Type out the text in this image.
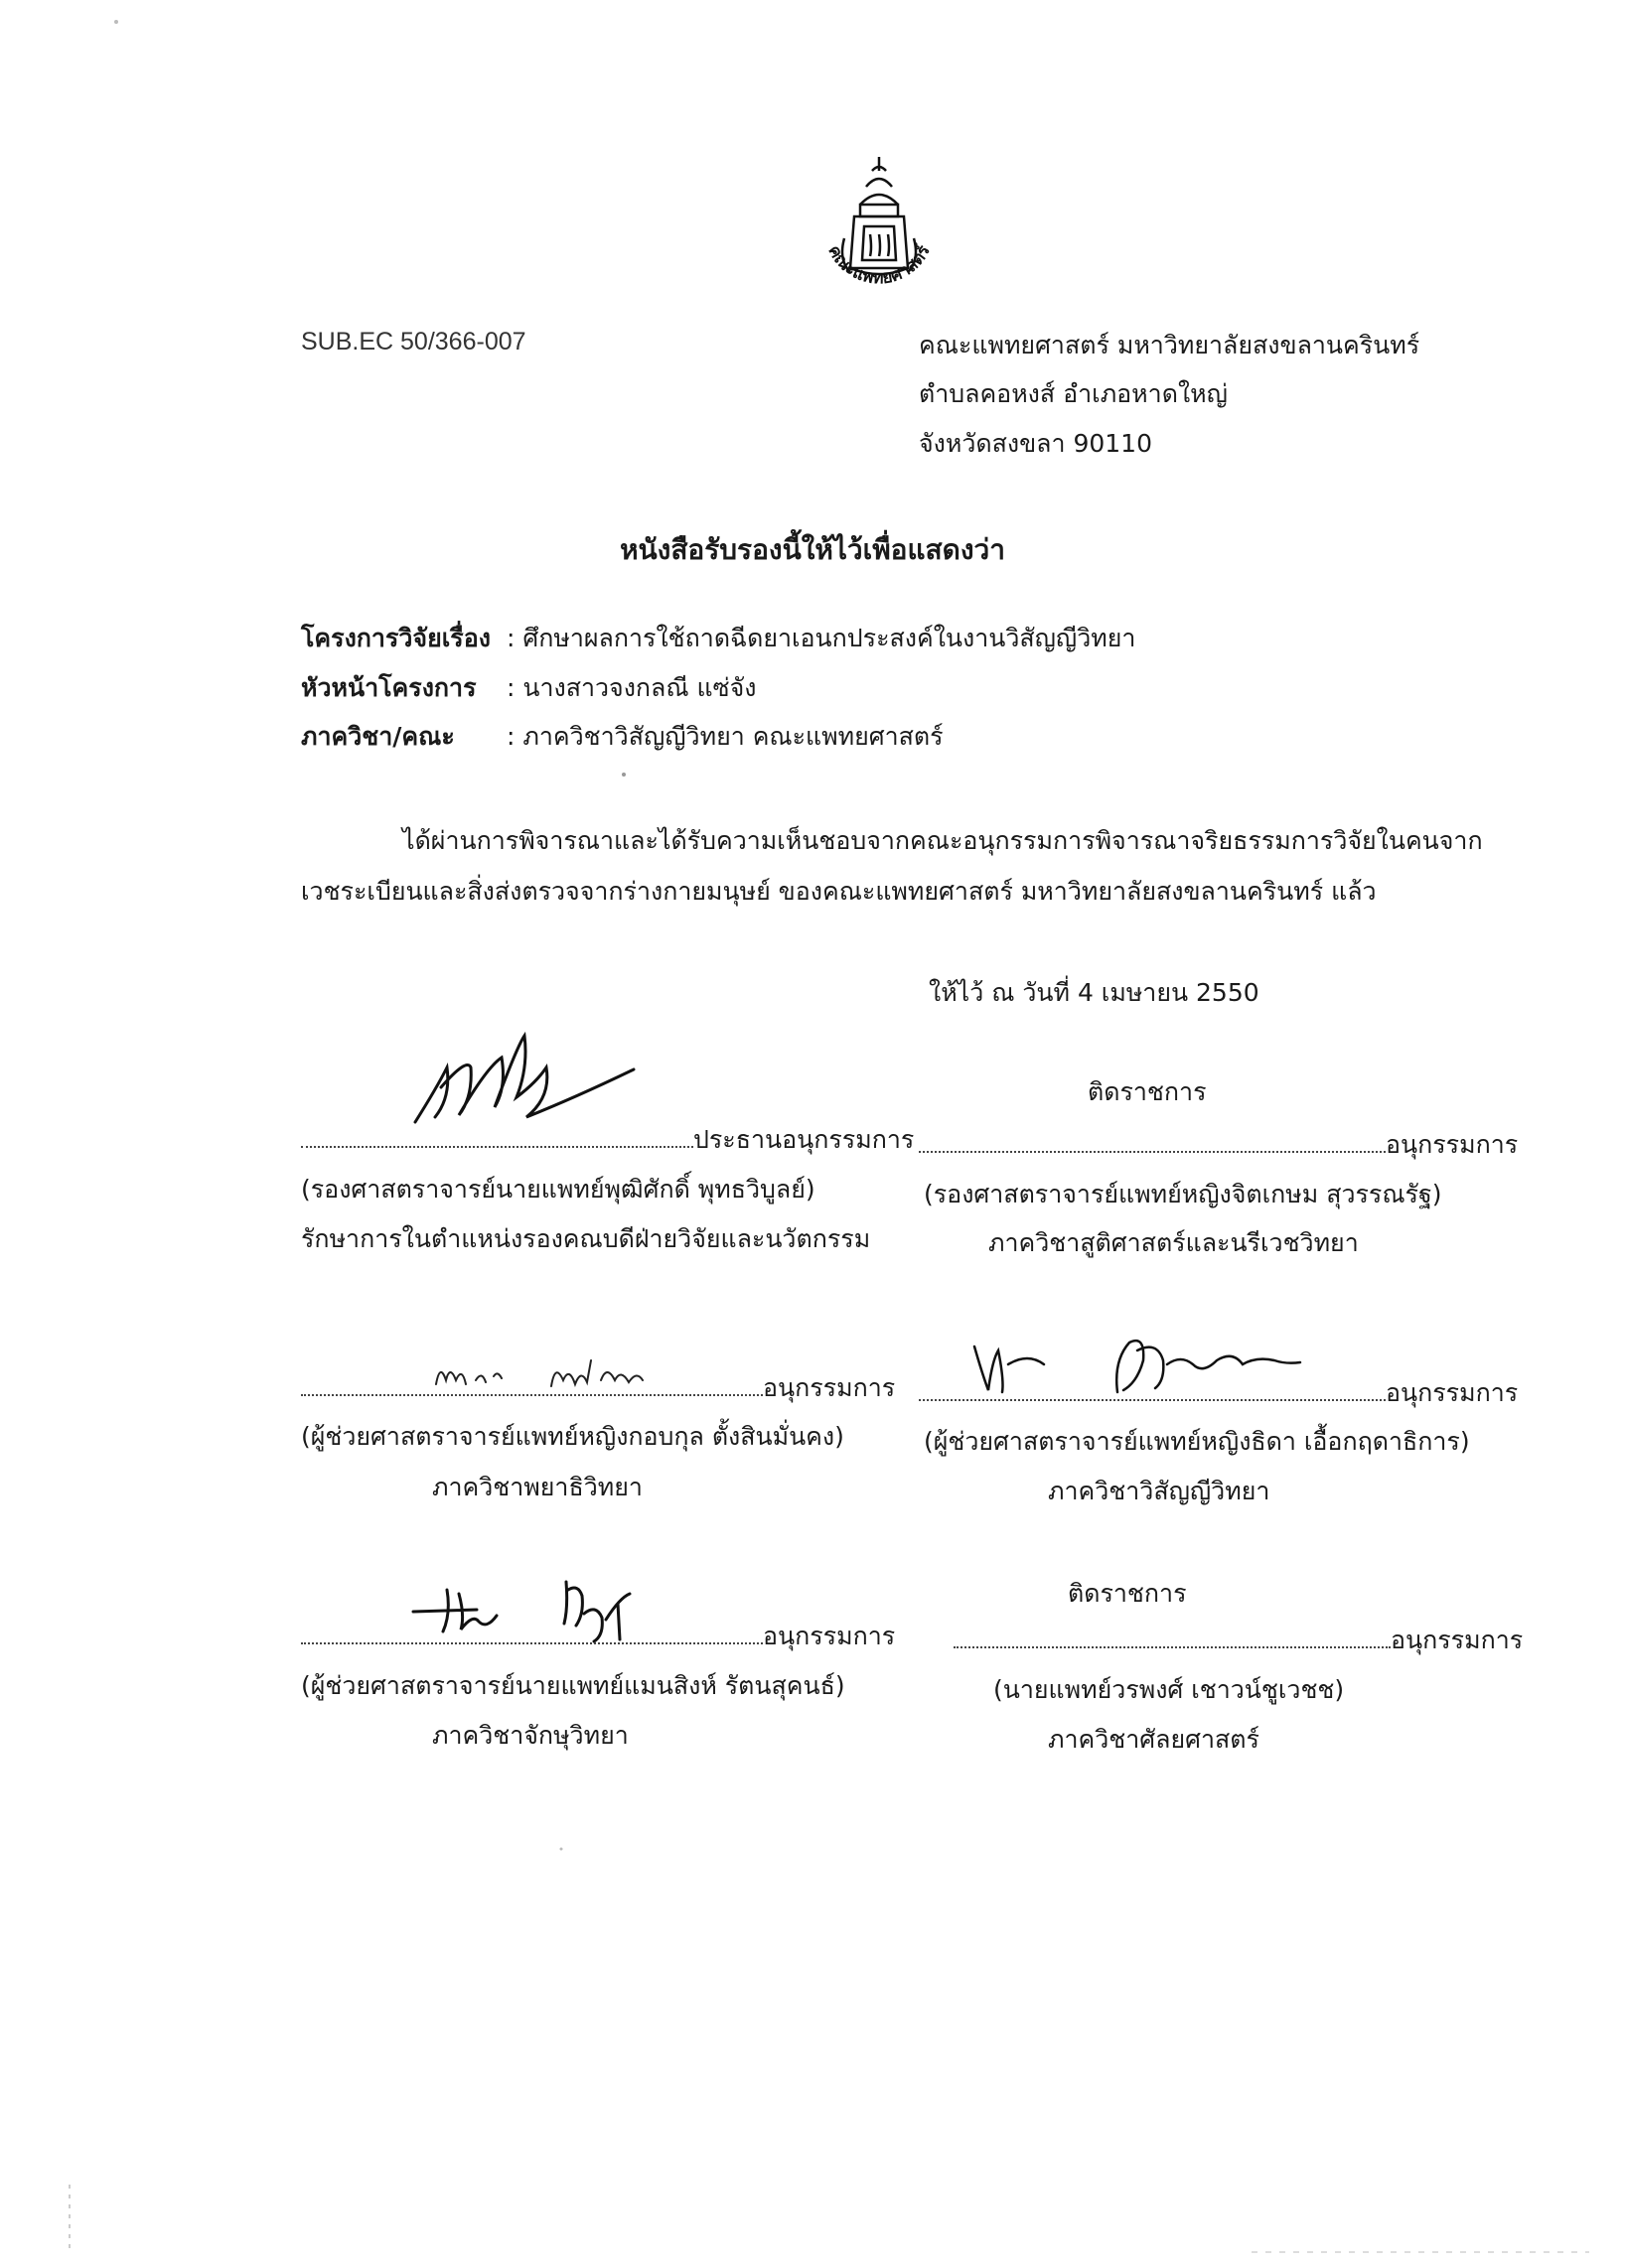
คณะแพทยศาสตร์
SUB.EC 50/366-007	คณะแพทยศาสตร์ มหาวิทยาลัยสงขลานครินทร์
ตำบลคอหงส์ อำเภอหาดใหญ่
จังหวัดสงขลา 90110
หนังสือรับรองนี้ให้ไว้เพื่อแสดงว่า
โครงการวิจัยเรื่อง : ศึกษาผลการใช้ถาดฉีดยาเอนกประสงค์ในงานวิสัญญีวิทยา
หัวหน้าโครงการ : นางสาวจงกลณี แซ่จัง
ภาควิชา/คณะ : ภาควิชาวิสัญญีวิทยา คณะแพทยศาสตร์
ได้ผ่านการพิจารณาและได้รับความเห็นชอบจากคณะอนุกรรมการพิจารณาจริยธรรมการวิจัยในคนจาก
เวชระเบียนและสิ่งส่งตรวจจากร่างกายมนุษย์ ของคณะแพทยศาสตร์ มหาวิทยาลัยสงขลานครินทร์ แล้ว
ให้ไว้ ณ วันที่ 4 เมษายน 2550
ประธานอนุกรรมการ
(รองศาสตราจารย์นายแพทย์พุฒิศักดิ์ พุทธวิบูลย์)
รักษาการในตำแหน่งรองคณบดีฝ่ายวิจัยและนวัตกรรม
ติดราชการ
อนุกรรมการ
(รองศาสตราจารย์แพทย์หญิงจิตเกษม สุวรรณรัฐ)
ภาควิชาสูติศาสตร์และนรีเวชวิทยา
อนุกรรมการ
(ผู้ช่วยศาสตราจารย์แพทย์หญิงกอบกุล ตั้งสินมั่นคง)
ภาควิชาพยาธิวิทยา
อนุกรรมการ
(ผู้ช่วยศาสตราจารย์แพทย์หญิงธิดา เอื้อกฤดาธิการ)
ภาควิชาวิสัญญีวิทยา
อนุกรรมการ
(ผู้ช่วยศาสตราจารย์นายแพทย์แมนสิงห์ รัตนสุคนธ์)
ภาควิชาจักษุวิทยา
ติดราชการ
อนุกรรมการ
(นายแพทย์วรพงศ์ เชาวน์ชูเวชช)
ภาควิชาศัลยศาสตร์
